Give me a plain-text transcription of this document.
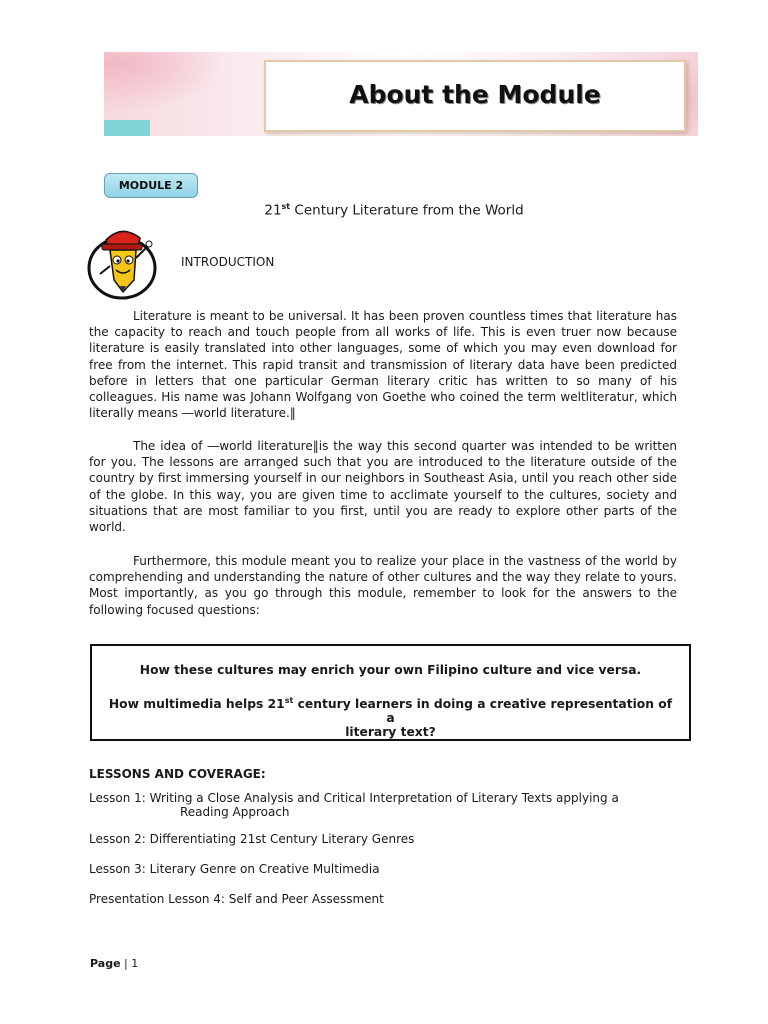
About the Module
MODULE 2
21st Century Literature from the World
INTRODUCTION

Literature is meant to be universal. It has been proven countless times that literature has the capacity to reach and touch people from all works of life. This is even truer now because literature is easily translated into other languages, some of which you may even download for free from the internet. This rapid transit and transmission of literary data have been predicted before in letters that one particular German literary critic has written to so many of his colleagues. His name was Johann Wolfgang von Goethe who coined the term weltliteratur, which literally means ―world literature.‖

The idea of ―world literature‖is the way this second quarter was intended to be written for you. The lessons are arranged such that you are introduced to the literature outside of the country by first immersing yourself in our neighbors in Southeast Asia, until you reach other side of the globe. In this way, you are given time to acclimate yourself to the cultures, society and situations that are most familiar to you first, until you are ready to explore other parts of the world.

Furthermore, this module meant you to realize your place in the vastness of the world by comprehending and understanding the nature of other cultures and the way they relate to yours. Most importantly, as you go through this module, remember to look for the answers to the following focused questions:

How these cultures may enrich your own Filipino culture and vice versa.
How multimedia helps 21st century learners in doing a creative representation of
a
literary text?
LESSONS AND COVERAGE:
Lesson 1: Writing a Close Analysis and Critical Interpretation of Literary Texts applying a
Reading Approach
Lesson 2: Differentiating 21st Century Literary Genres
Lesson 3: Literary Genre on Creative Multimedia
Presentation Lesson 4: Self and Peer Assessment
Page | 1
